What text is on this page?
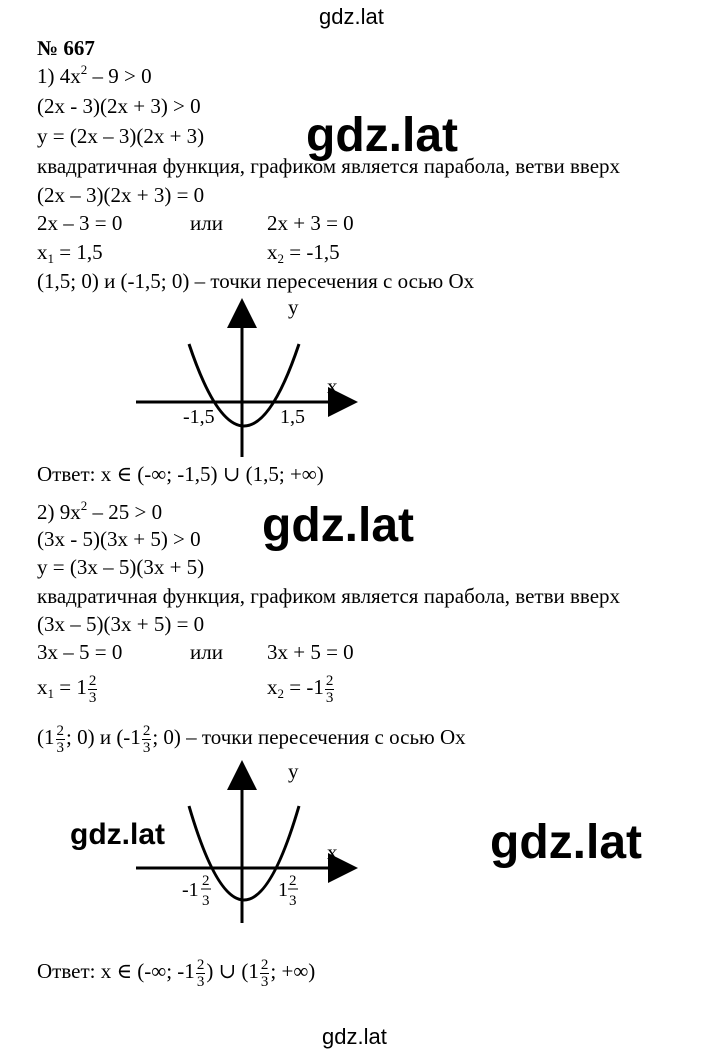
gdz.lat
gdz.lat
gdz.lat
gdz.lat	gdz.lat
gdz.lat
№ 667
1) $4x^2 - 9 > 0$
(2x - 3)(2x + 3) > 0
y = (2x – 3)(2x + 3)
квадратичная функция, графиком является парабола, ветви вверх
(2x – 3)(2x + 3) = 0
2x – 3 = 0	или 2x + 3 = 0
$x_1 = 1,5$	$x_2 = -1,5$
(1,5; 0) и (-1,5; 0) – точки пересечения с осью Ox
y
x
-1,5	1,5
Ответ: x ∈ (-∞; -1,5) ∪ (1,5; +∞)
2) $9x^2 - 25 > 0$
(3x - 5)(3x + 5) > 0
y = (3x – 5)(3x + 5)
квадратичная функция, графиком является парабола, ветви вверх
(3x – 5)(3x + 5) = 0
3x – 5 = 0	или 3x + 5 = 0
$x_1 = 1 \frac{2}{3}$	$x_2 = -1 \frac{2}{3}$
($1 \frac{2}{3}$ ; 0) и ($-1 \frac{2}{3}$ ; 0) – точки пересечения с осью Ox
y
x
-1 2
3	1 2
3
Ответ: x ∈ (-∞; $-1 \frac{2}{3}$ ) ∪ ($1 \frac{2}{3}$ ; +∞)
